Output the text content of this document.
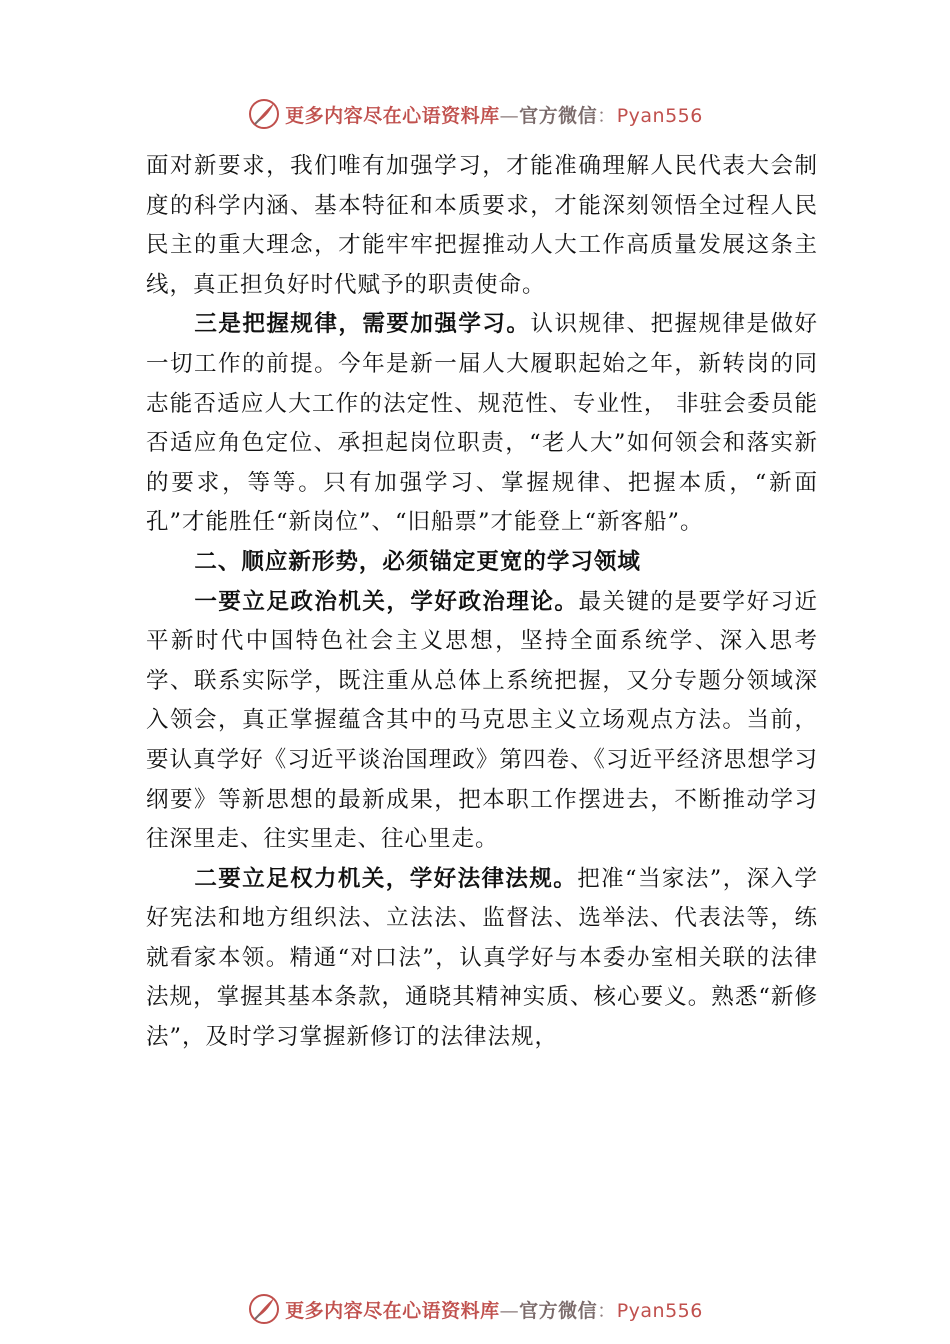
更多内容尽在心语资料库—官方微信：Pyan556

面对新要求，我们唯有加强学习，才能准确理解人民代表大会制度的科学内涵、基本特征和本质要求，才能深刻领悟全过程人民民主的重大理念，才能牢牢把握推动人大工作高质量发展这条主线，真正担负好时代赋予的职责使命。

三是把握规律，需要加强学习。认识规律、把握规律是做好一切工作的前提。今年是新一届人大履职起始之年，新转岗的同志能否适应人大工作的法定性、规范性、专业性， 非驻会委员能否适应角色定位、承担起岗位职责，“老人大”如何领会和落实新的要求，等等。只有加强学习、掌握规律、把握本质，“新面孔”才能胜任“新岗位”、“旧船票”才能登上“新客船”。

二、顺应新形势，必须锚定更宽的学习领域

一要立足政治机关，学好政治理论。最关键的是要学好习近平新时代中国特色社会主义思想，坚持全面系统学、深入思考学、联系实际学，既注重从总体上系统把握，又分专题分领域深入领会，真正掌握蕴含其中的马克思主义立场观点方法。当前，要认真学好《习近平谈治国理政》第四卷、《习近平经济思想学习纲要》等新思想的最新成果，把本职工作摆进去，不断推动学习往深里走、往实里走、往心里走。

二要立足权力机关，学好法律法规。把准“当家法”，深入学好宪法和地方组织法、立法法、监督法、选举法、代表法等，练就看家本领。精通“对口法”，认真学好与本委办室相关联的法律法规，掌握其基本条款，通晓其精神实质、核心要义。熟悉“新修法”，及时学习掌握新修订的法律法规，

更多内容尽在心语资料库—官方微信：Pyan556
